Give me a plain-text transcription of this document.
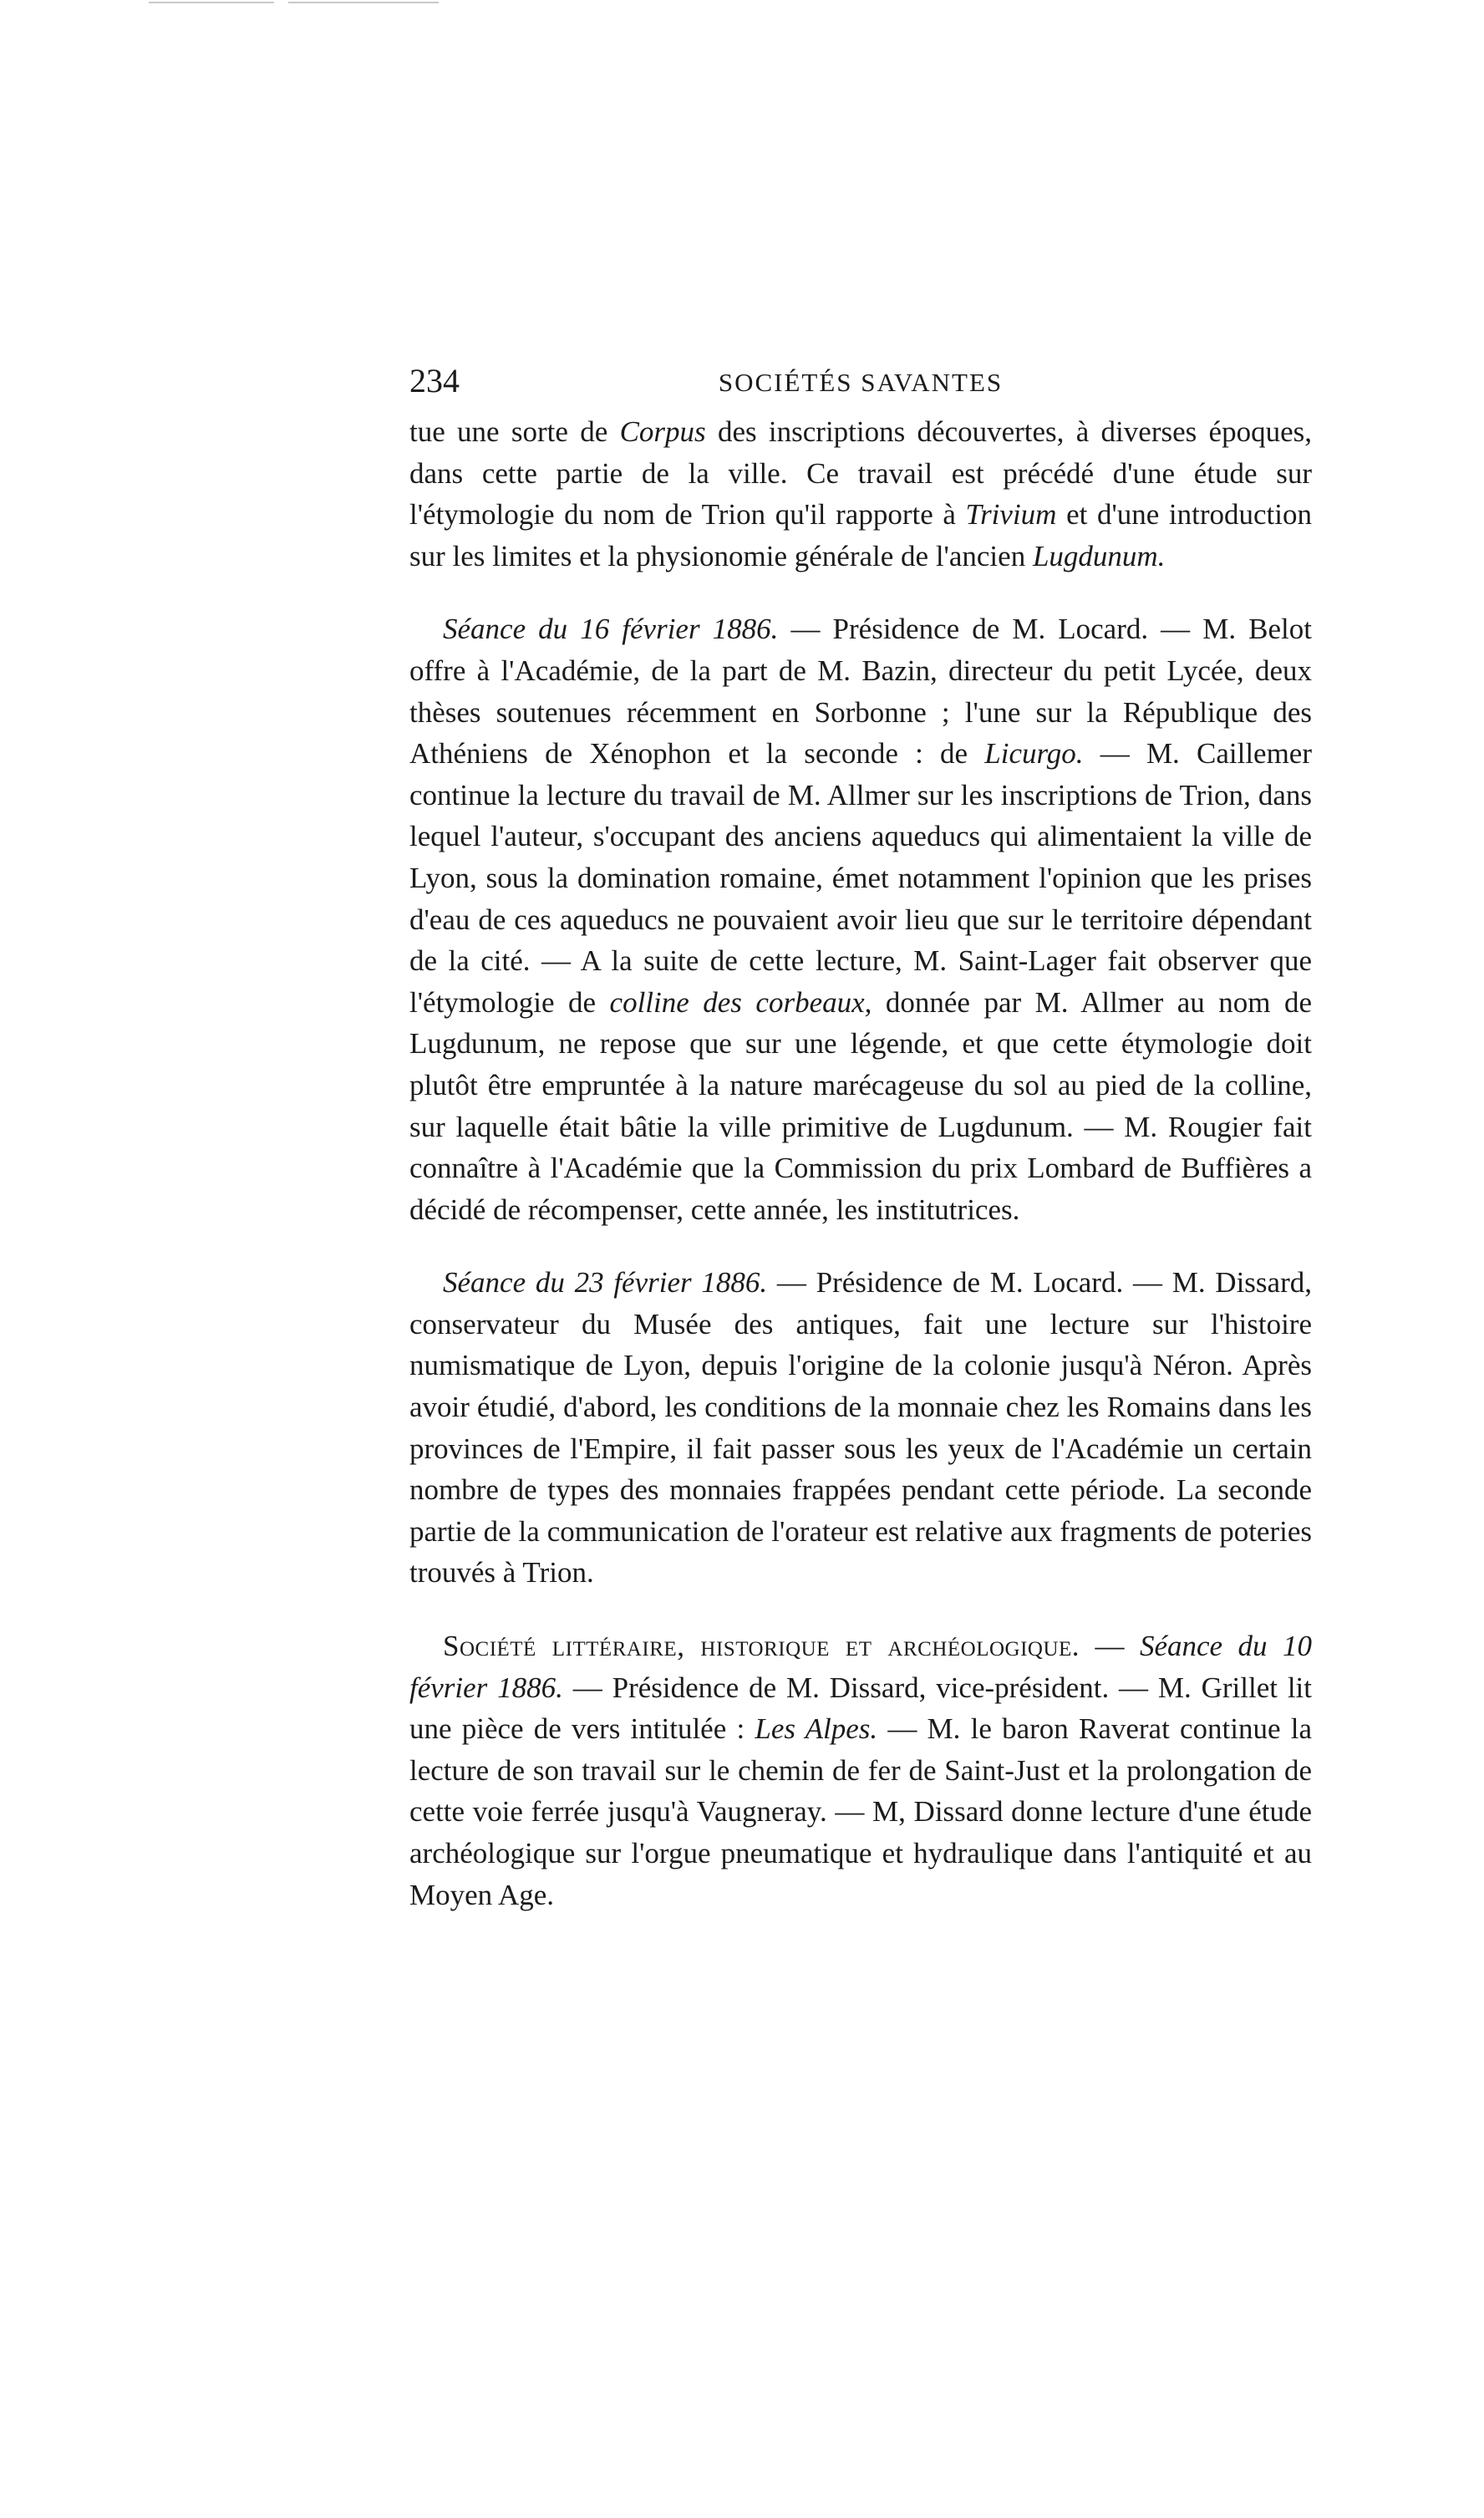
234	SOCIÉTÉS SAVANTES

tue une sorte de Corpus des inscriptions découvertes, à diverses époques, dans cette partie de la ville. Ce travail est précédé d'une étude sur l'étymologie du nom de Trion qu'il rapporte à Trivium et d'une introduction sur les limites et la physionomie générale de l'ancien Lugdunum.

Séance du 16 février 1886. — Présidence de M. Locard. — M. Belot offre à l'Académie, de la part de M. Bazin, directeur du petit Lycée, deux thèses soutenues récemment en Sorbonne ; l'une sur la République des Athéniens de Xénophon et la seconde : de Licurgo. — M. Caillemer continue la lecture du travail de M. Allmer sur les inscriptions de Trion, dans lequel l'auteur, s'occupant des anciens aqueducs qui alimentaient la ville de Lyon, sous la domination romaine, émet notamment l'opinion que les prises d'eau de ces aqueducs ne pouvaient avoir lieu que sur le territoire dépendant de la cité. — A la suite de cette lecture, M. Saint-Lager fait observer que l'étymologie de colline des corbeaux, donnée par M. Allmer au nom de Lugdunum, ne repose que sur une légende, et que cette étymologie doit plutôt être empruntée à la nature marécageuse du sol au pied de la colline, sur laquelle était bâtie la ville primitive de Lugdunum. — M. Rougier fait connaître à l'Académie que la Commission du prix Lombard de Buffières a décidé de récompenser, cette année, les institutrices.

Séance du 23 février 1886. — Présidence de M. Locard. — M. Dissard, conservateur du Musée des antiques, fait une lecture sur l'histoire numismatique de Lyon, depuis l'origine de la colonie jusqu'à Néron. Après avoir étudié, d'abord, les conditions de la monnaie chez les Romains dans les provinces de l'Empire, il fait passer sous les yeux de l'Académie un certain nombre de types des monnaies frappées pendant cette période. La seconde partie de la communication de l'orateur est relative aux fragments de poteries trouvés à Trion.

Société littéraire, historique et archéologique. — Séance du 10 février 1886. — Présidence de M. Dissard, vice-président. — M. Grillet lit une pièce de vers intitulée : Les Alpes. — M. le baron Raverat continue la lecture de son travail sur le chemin de fer de Saint-Just et la prolongation de cette voie ferrée jusqu'à Vaugneray. — M, Dissard donne lecture d'une étude archéologique sur l'orgue pneumatique et hydraulique dans l'antiquité et au Moyen Age.
